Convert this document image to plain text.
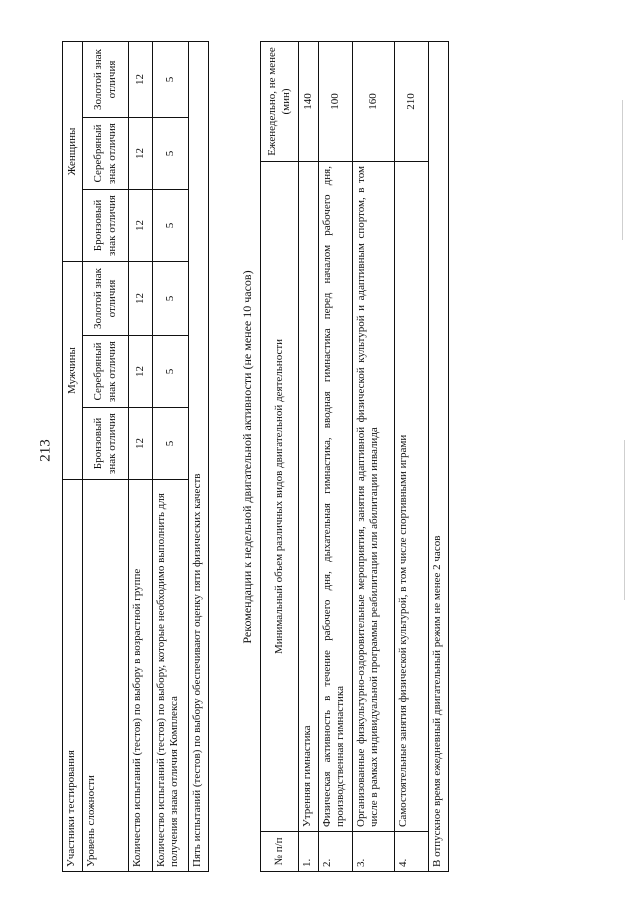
213
Участники тестирования	Мужчины			Женщины		
Уровень сложности	Бронзовый знак отличия	Серебряный знак отличия	Золотой знак отличия	Бронзовый знак отличия	Серебряный знак отличия	Золотой знак отличия
Количество испытаний (тестов) по выбору в возрастной группе	12	12	12	12	12	12
Количество испытаний (тестов) по выбору, которые необходимо выполнить для получения знака отличия Комплекса	5	5	5	5	5	5
Пять испытаний (тестов) по выбору обеспечивают оценку пяти физических качеств						
Рекомендации к недельной двигательной активности (не менее 10 часов)
№ п/п	Минимальный объем различных видов двигательной деятельности	Еженедельно, не менее (мин)
1.	Утренняя гимнастика	140
2.	Физическая активность в течение рабочего дня, дыхательная гимнастика, вводная гимнастика перед началом рабочего дня, производственная гимнастика	100
3.	Организованные физкультурно-оздоровительные мероприятия, занятия адаптивной физической культурой и адаптивным спортом, в том числе в рамках индивидуальной программы реабилитации или абилитации инвалида	160
4.	Самостоятельные занятия физической культурой, в том числе спортивными играми	210
В отпускное время ежедневный двигательный режим не менее 2 часов		
